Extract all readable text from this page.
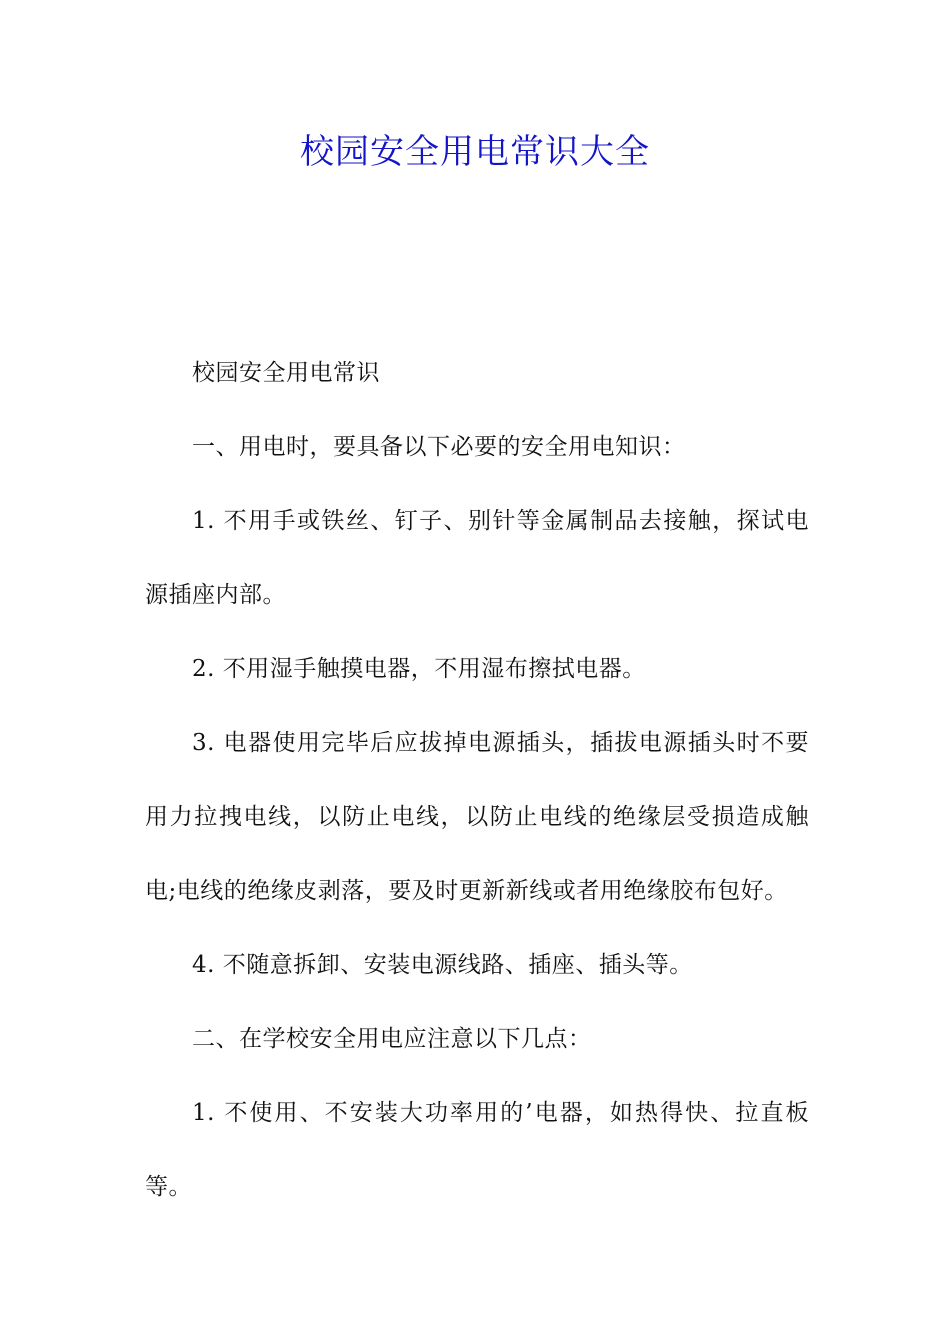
校园安全用电常识大全

校园安全用电常识

一、用电时，要具备以下必要的安全用电知识：

1. 不用手或铁丝、钉子、别针等金属制品去接触，探试电源插座内部。

2. 不用湿手触摸电器，不用湿布擦拭电器。

3. 电器使用完毕后应拔掉电源插头，插拔电源插头时不要用力拉拽电线，以防止电线，以防止电线的绝缘层受损造成触电;电线的绝缘皮剥落，要及时更新新线或者用绝缘胶布包好。

4. 不随意拆卸、安装电源线路、插座、插头等。

二、在学校安全用电应注意以下几点：

1. 不使用、不安装大功率用的’电器，如热得快、拉直板等。
